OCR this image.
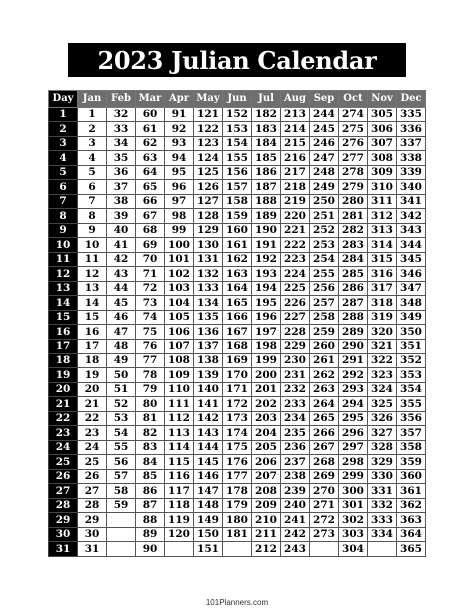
2023 Julian Calendar
Day	Jan	Feb	Mar	Apr	May	Jun	Jul	Aug	Sep	Oct	Nov	Dec
1	1	32	60	91	121	152	182	213	244	274	305	335
2	2	33	61	92	122	153	183	214	245	275	306	336
3	3	34	62	93	123	154	184	215	246	276	307	337
4	4	35	63	94	124	155	185	216	247	277	308	338
5	5	36	64	95	125	156	186	217	248	278	309	339
6	6	37	65	96	126	157	187	218	249	279	310	340
7	7	38	66	97	127	158	188	219	250	280	311	341
8	8	39	67	98	128	159	189	220	251	281	312	342
9	9	40	68	99	129	160	190	221	252	282	313	343
10	10	41	69	100	130	161	191	222	253	283	314	344
11	11	42	70	101	131	162	192	223	254	284	315	345
12	12	43	71	102	132	163	193	224	255	285	316	346
13	13	44	72	103	133	164	194	225	256	286	317	347
14	14	45	73	104	134	165	195	226	257	287	318	348
15	15	46	74	105	135	166	196	227	258	288	319	349
16	16	47	75	106	136	167	197	228	259	289	320	350
17	17	48	76	107	137	168	198	229	260	290	321	351
18	18	49	77	108	138	169	199	230	261	291	322	352
19	19	50	78	109	139	170	200	231	262	292	323	353
20	20	51	79	110	140	171	201	232	263	293	324	354
21	21	52	80	111	141	172	202	233	264	294	325	355
22	22	53	81	112	142	173	203	234	265	295	326	356
23	23	54	82	113	143	174	204	235	266	296	327	357
24	24	55	83	114	144	175	205	236	267	297	328	358
25	25	56	84	115	145	176	206	237	268	298	329	359
26	26	57	85	116	146	177	207	238	269	299	330	360
27	27	58	86	117	147	178	208	239	270	300	331	361
28	28	59	87	118	148	179	209	240	271	301	332	362
29	29		88	119	149	180	210	241	272	302	333	363
30	30		89	120	150	181	211	242	273	303	334	364
31	31		90		151		212	243		304		365
101Planners.com
